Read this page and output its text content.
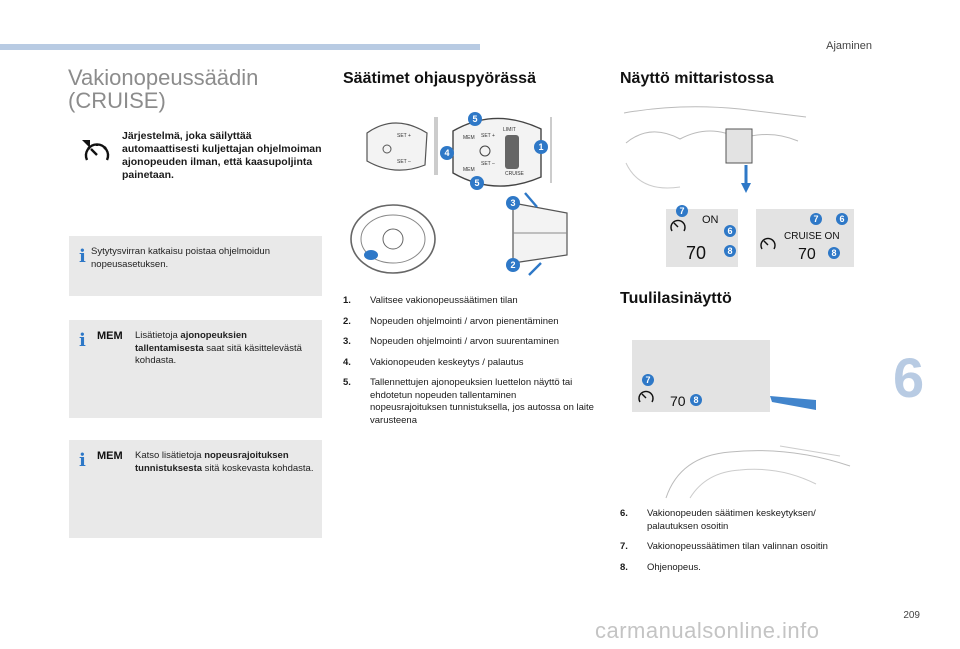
Ajaminen
6
209
carmanualsonline.info
Vakionopeussäädin
(CRUISE)

Järjestelmä, joka säilyttää automaattisesti kuljettajan ohjelmoiman ajonopeuden ilman, että kaasupoljinta painetaan.

i Sytytysvirran katkaisu poistaa ohjelmoidun nopeusasetuksen.

i MEM Lisätietoja ajonopeuksien tallentamisesta saat sitä käsittelevästä kohdasta.

i MEM Katso lisätietoja nopeusrajoituksen tunnistuksesta sitä koskevasta kohdasta.

Säätimet ohjauspyörässä
SET +
SET –
MEM SET +
SET –
LIMIT
CRUISE
MEM
5
4
5
1
3
2
1.	Valitsee vakionopeussäätimen tilan
2.	Nopeuden ohjelmointi / arvon pienentäminen
3.	Nopeuden ohjelmointi / arvon suurentaminen
4.	Vakionopeuden keskeytys / palautus
5.	Tallennettujen ajonopeuksien luettelon näyttö tai ehdotetun nopeuden tallentaminen nopeusrajoituksen tunnistuksella, jos autossa on laite varusteena
Näyttö mittaristossa
ON
70
7
6
8
CRUISE ON
70
7 6
8
Tuulilasinäyttö
70
7
8
6.	Vakionopeuden säätimen keskeytyksen/ palautuksen osoitin
7.	Vakionopeussäätimen tilan valinnan osoitin
8.	Ohjenopeus.
